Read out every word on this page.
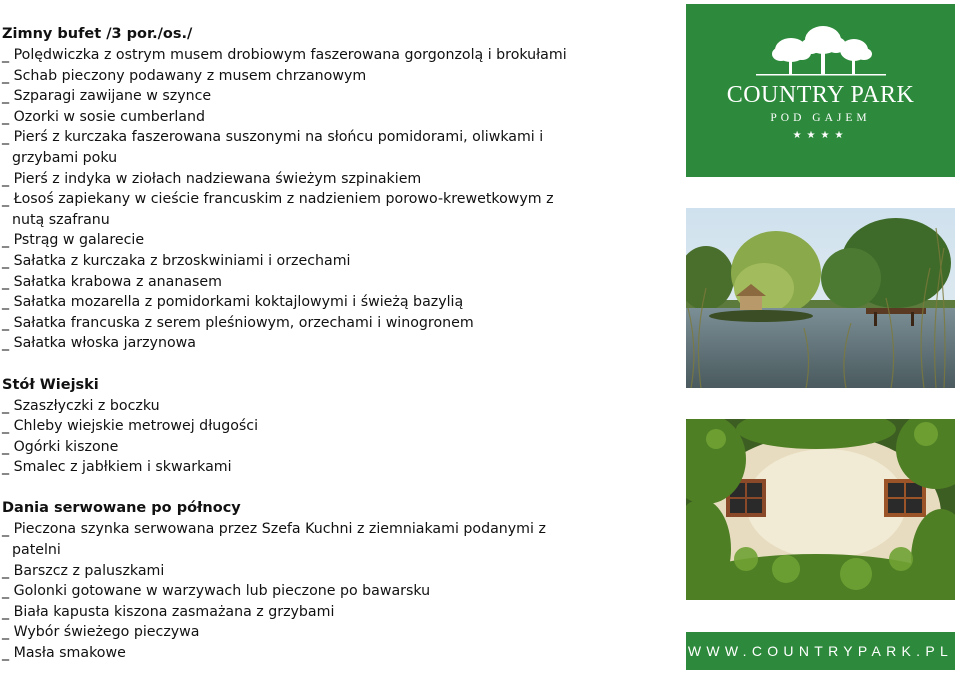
Zimny bufet /3 por./os./
_ Polędwiczka z ostrym musem drobiowym faszerowana gorgonzolą i brokułami
_ Schab pieczony podawany z musem chrzanowym
_ Szparagi zawijane w szynce
_ Ozorki w sosie cumberland
_ Pierś z kurczaka faszerowana suszonymi na słońcu pomidorami, oliwkami i
grzybami poku
_ Pierś z indyka w ziołach nadziewana świeżym szpinakiem
_ Łosoś zapiekany w cieście francuskim z nadzieniem porowo-krewetkowym z
nutą szafranu
_ Pstrąg w galarecie
_ Sałatka z kurczaka z brzoskwiniami i orzechami
_ Sałatka krabowa z ananasem
_ Sałatka mozarella z pomidorkami koktajlowymi i świeżą bazylią
_ Sałatka francuska z serem pleśniowym, orzechami i winogronem
_ Sałatka włoska jarzynowa
Stół Wiejski
_ Szaszłyczki z boczku
_ Chleby wiejskie metrowej długości
_ Ogórki kiszone
_ Smalec z jabłkiem i skwarkami
Dania serwowane po północy
_ Pieczona szynka serwowana przez Szefa Kuchni z ziemniakami podanymi z
patelni
_ Barszcz z paluszkami
_ Golonki gotowane w warzywach lub pieczone po bawarsku
_ Biała kapusta kiszona zasmażana z grzybami
_ Wybór świeżego pieczywa
_ Masła smakowe
COUNTRY PARK
POD GAJEM
★★★★
WWW.COUNTRYPARK.PL
